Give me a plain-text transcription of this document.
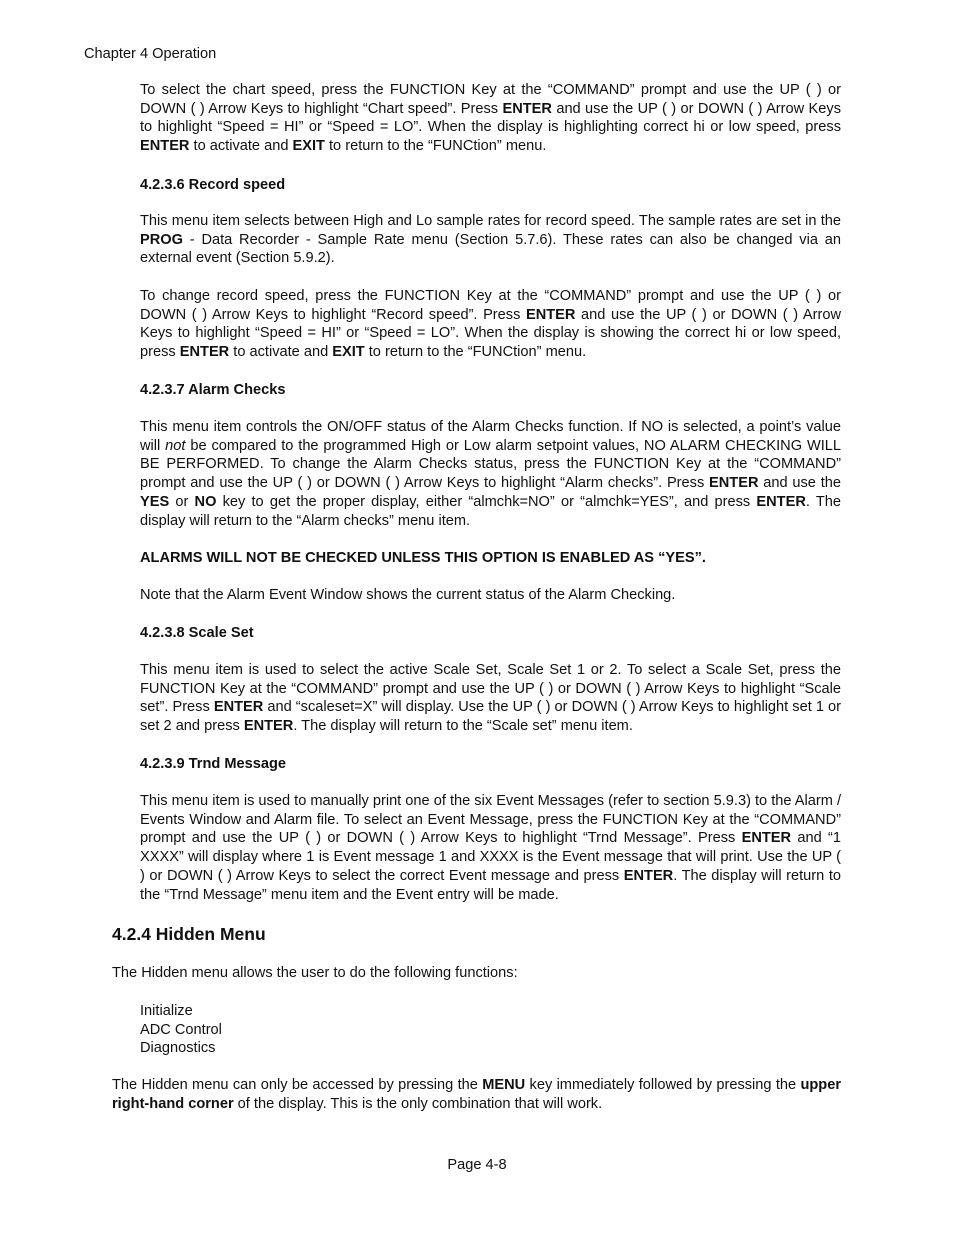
Chapter 4 Operation
To select the chart speed, press the FUNCTION Key at the “COMMAND” prompt and use the UP ( ) or DOWN ( ) Arrow Keys to highlight “Chart speed”. Press ENTER and use the UP ( ) or DOWN ( ) Arrow Keys to highlight “Speed = HI” or “Speed = LO”. When the display is highlighting correct hi or low speed, press ENTER to activate and EXIT to return to the “FUNCtion” menu.
4.2.3.6 Record speed
This menu item selects between High and Lo sample rates for record speed. The sample rates are set in the PROG - Data Recorder - Sample Rate menu (Section 5.7.6). These rates can also be changed via an external event (Section 5.9.2).
To change record speed, press the FUNCTION Key at the “COMMAND” prompt and use the UP ( ) or DOWN ( ) Arrow Keys to highlight “Record speed”. Press ENTER and use the UP ( ) or DOWN ( ) Arrow Keys to highlight “Speed = HI” or “Speed = LO”. When the display is showing the correct hi or low speed, press ENTER to activate and EXIT to return to the “FUNCtion” menu.
4.2.3.7 Alarm Checks
This menu item controls the ON/OFF status of the Alarm Checks function. If NO is selected, a point’s value will not be compared to the programmed High or Low alarm setpoint values, NO ALARM CHECKING WILL BE PERFORMED. To change the Alarm Checks status, press the FUNCTION Key at the “COMMAND” prompt and use the UP ( ) or DOWN ( ) Arrow Keys to highlight “Alarm checks”. Press ENTER and use the YES or NO key to get the proper display, either “almchk=NO” or “almchk=YES”, and press ENTER. The display will return to the “Alarm checks” menu item.
ALARMS WILL NOT BE CHECKED UNLESS THIS OPTION IS ENABLED AS “YES”.
Note that the Alarm Event Window shows the current status of the Alarm Checking.
4.2.3.8 Scale Set
This menu item is used to select the active Scale Set, Scale Set 1 or 2. To select a Scale Set, press the FUNCTION Key at the “COMMAND” prompt and use the UP ( ) or DOWN ( ) Arrow Keys to highlight “Scale set”. Press ENTER and “scaleset=X” will display. Use the UP ( ) or DOWN ( ) Arrow Keys to highlight set 1 or set 2 and press ENTER. The display will return to the “Scale set” menu item.
4.2.3.9 Trnd Message
This menu item is used to manually print one of the six Event Messages (refer to section 5.9.3) to the Alarm / Events Window and Alarm file. To select an Event Message, press the FUNCTION Key at the “COMMAND” prompt and use the UP ( ) or DOWN ( ) Arrow Keys to highlight “Trnd Message”. Press ENTER and “1 XXXX” will display where 1 is Event message 1 and XXXX is the Event message that will print. Use the UP ( ) or DOWN ( ) Arrow Keys to select the correct Event message and press ENTER. The display will return to the “Trnd Message” menu item and the Event entry will be made.
4.2.4 Hidden Menu
The Hidden menu allows the user to do the following functions:
Initialize
ADC Control
Diagnostics
The Hidden menu can only be accessed by pressing the MENU key immediately followed by pressing the upper right-hand corner of the display. This is the only combination that will work.
Page 4-8
